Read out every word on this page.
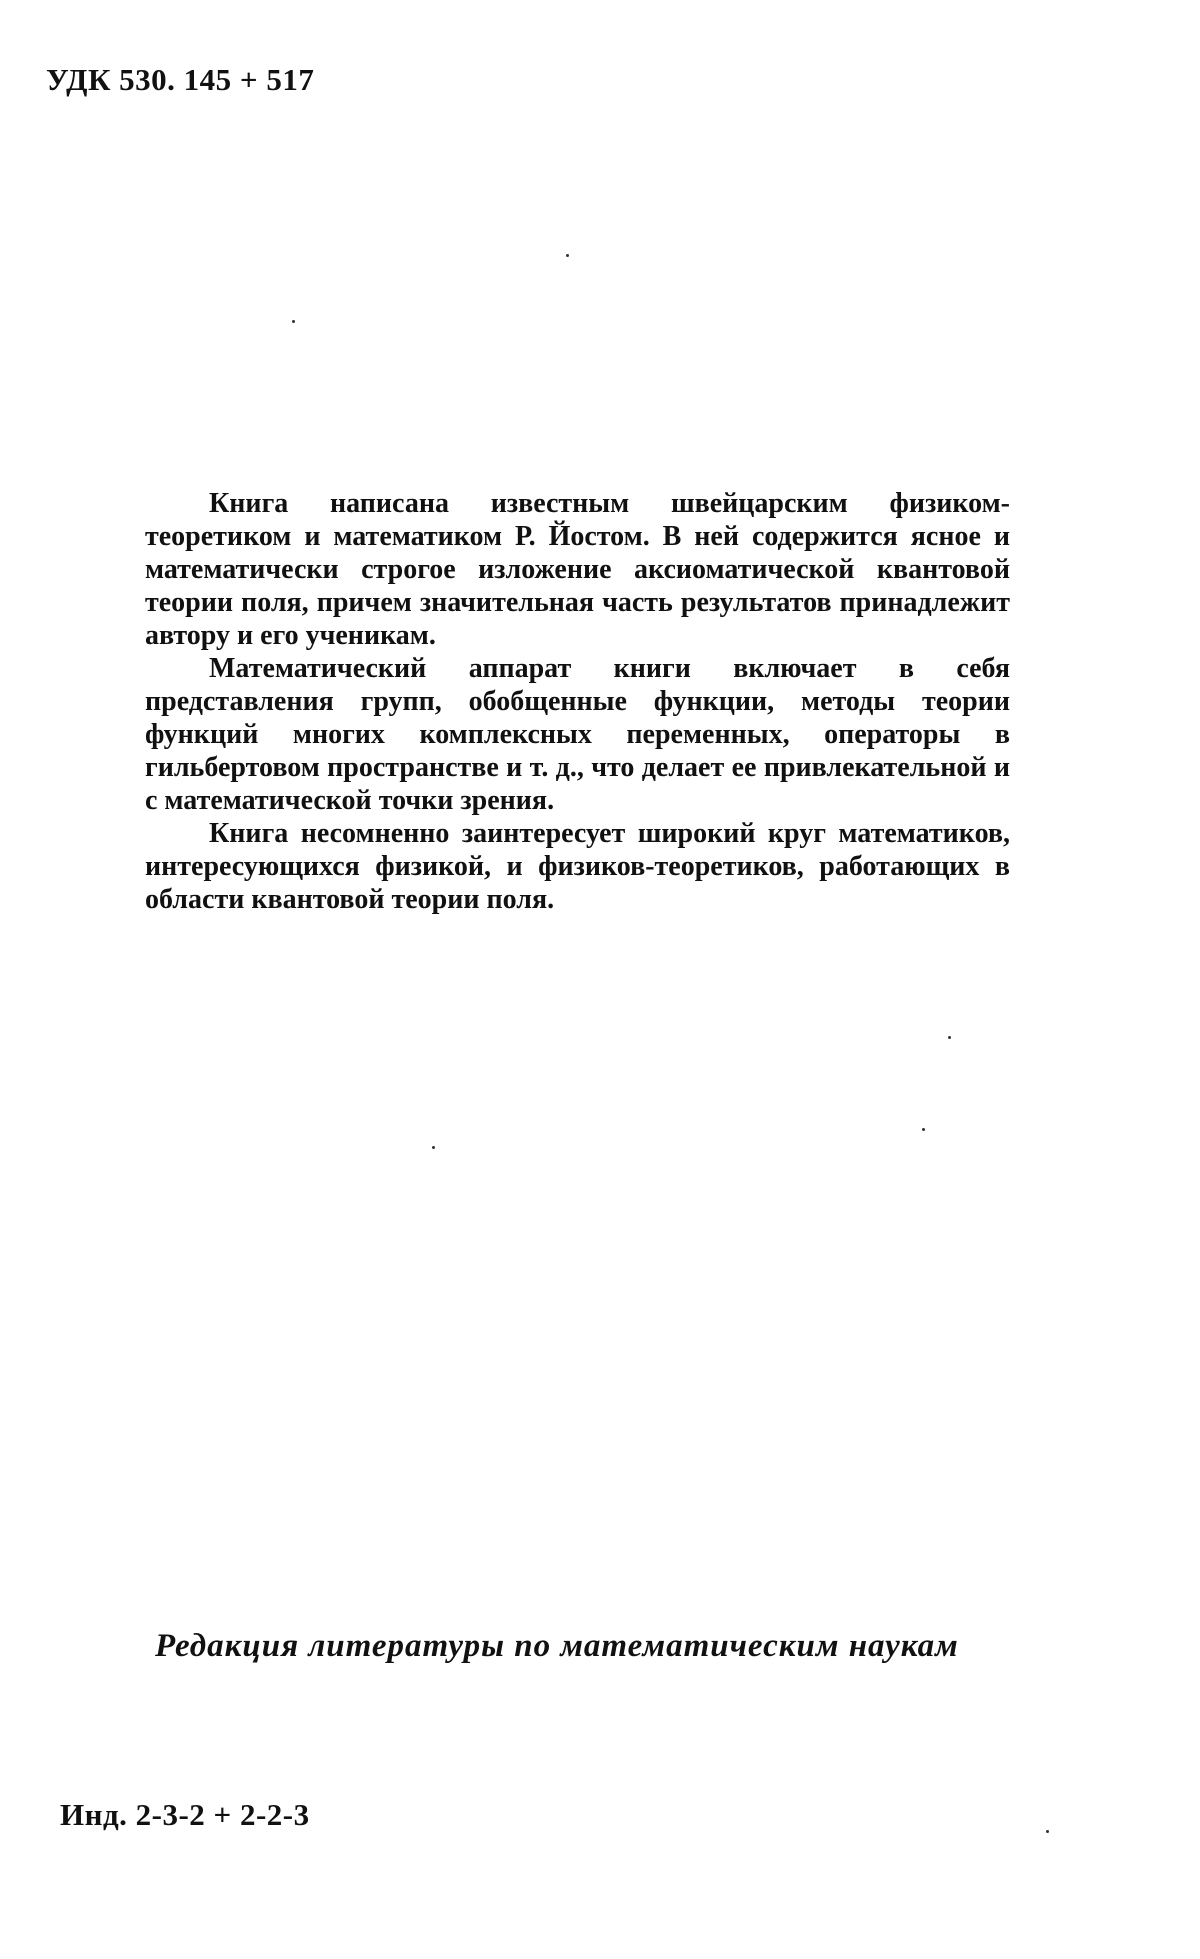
УДК 530. 145 + 517

Книга написана известным швейцарским физиком-теоретиком и математиком Р. Йостом. В ней содержится ясное и математически строгое изложение аксиоматической квантовой теории поля, причем значительная часть результатов принадлежит автору и его ученикам.

Математический аппарат книги включает в себя представления групп, обобщенные функции, методы теории функций многих комплексных переменных, операторы в гильбертовом пространстве и т. д., что делает ее привлекательной и с математической точки зрения.

Книга несомненно заинтересует широкий круг математиков, интересующихся физикой, и физиков-теоретиков, работающих в области квантовой теории поля.

Редакция литературы по математическим наукам
Инд. 2-3-2 + 2-2-3
